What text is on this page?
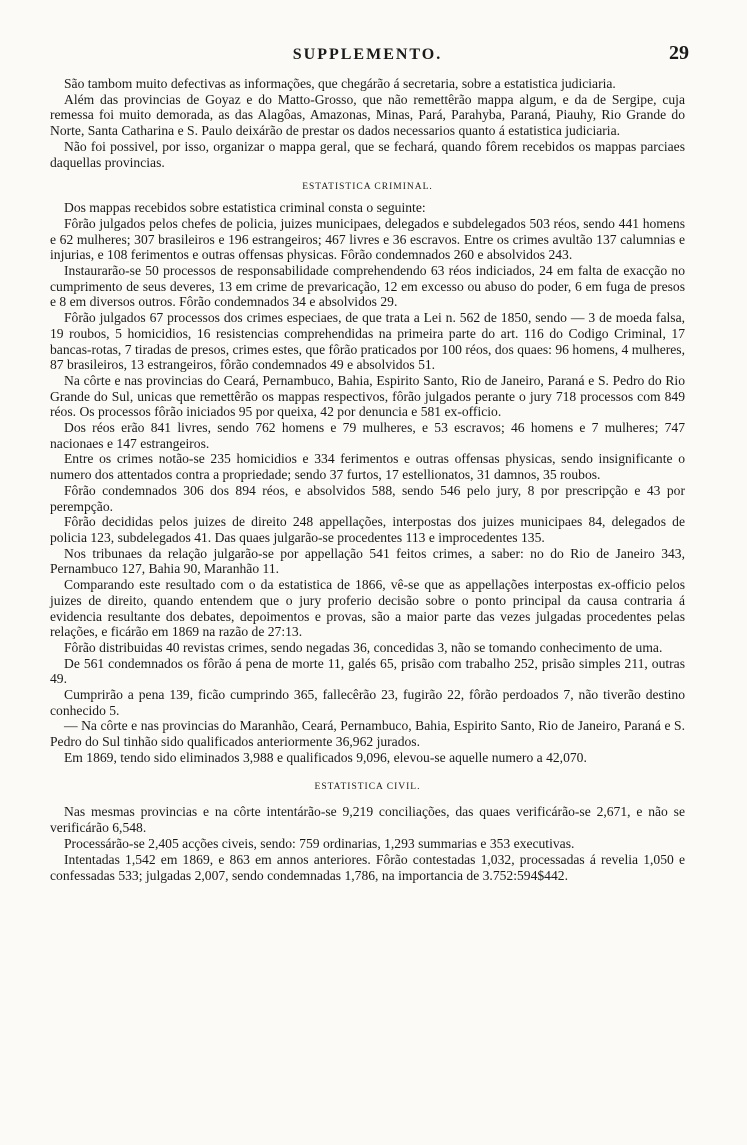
SUPPLEMENTO.	29

São tambom muito defectivas as informações, que chegárão á secretaria, sobre a estatistica judiciaria.

Além das provincias de Goyaz e do Matto-Grosso, que não remettêrão mappa algum, e da de Sergipe, cuja remessa foi muito demorada, as das Alagôas, Amazonas, Minas, Pará, Parahyba, Paraná, Piauhy, Rio Grande do Norte, Santa Catharina e S. Paulo deixárão de prestar os dados necessarios quanto á estatistica judiciaria.

Não foi possivel, por isso, organizar o mappa geral, que se fechará, quando fôrem recebidos os mappas parciaes daquellas provincias.

ESTATISTICA CRIMINAL.

Dos mappas recebidos sobre estatistica criminal consta o seguinte:

Fôrão julgados pelos chefes de policia, juizes municipaes, delegados e subdelegados 503 réos, sendo 441 homens e 62 mulheres; 307 brasileiros e 196 estrangeiros; 467 livres e 36 escravos. Entre os crimes avultão 137 calumnias e injurias, e 108 ferimentos e outras offensas physicas. Fôrão condemnados 260 e absolvidos 243.

Instaurarão-se 50 processos de responsabilidade comprehendendo 63 réos indiciados, 24 em falta de exacção no cumprimento de seus deveres, 13 em crime de prevaricação, 12 em excesso ou abuso do poder, 6 em fuga de presos e 8 em diversos outros. Fôrão condemnados 34 e absolvidos 29.

Fôrão julgados 67 processos dos crimes especiaes, de que trata a Lei n. 562 de 1850, sendo — 3 de moeda falsa, 19 roubos, 5 homicidios, 16 resistencias comprehendidas na primeira parte do art. 116 do Codigo Criminal, 17 bancas-rotas, 7 tiradas de presos, crimes estes, que fôrão praticados por 100 réos, dos quaes: 96 homens, 4 mulheres, 87 brasileiros, 13 estrangeiros, fôrão condemnados 49 e absolvidos 51.

Na côrte e nas provincias do Ceará, Pernambuco, Bahia, Espirito Santo, Rio de Janeiro, Paraná e S. Pedro do Rio Grande do Sul, unicas que remettêrão os mappas respectivos, fôrão julgados perante o jury 718 processos com 849 réos. Os processos fôrão iniciados 95 por queixa, 42 por denuncia e 581 ex-officio.

Dos réos erão 841 livres, sendo 762 homens e 79 mulheres, e 53 escravos; 46 homens e 7 mulheres; 747 nacionaes e 147 estrangeiros.

Entre os crimes notão-se 235 homicidios e 334 ferimentos e outras offensas physicas, sendo insignificante o numero dos attentados contra a propriedade; sendo 37 furtos, 17 estellionatos, 31 damnos, 35 roubos.

Fôrão condemnados 306 dos 894 réos, e absolvidos 588, sendo 546 pelo jury, 8 por prescripção e 43 por perempção.

Fôrão decididas pelos juizes de direito 248 appellações, interpostas dos juizes municipaes 84, delegados de policia 123, subdelegados 41. Das quaes julgarão-se procedentes 113 e improcedentes 135.

Nos tribunaes da relação julgarão-se por appellação 541 feitos crimes, a saber: no do Rio de Janeiro 343, Pernambuco 127, Bahia 90, Maranhão 11.

Comparando este resultado com o da estatistica de 1866, vê-se que as appellações interpostas ex-officio pelos juizes de direito, quando entendem que o jury proferio decisão sobre o ponto principal da causa contraria á evidencia resultante dos debates, depoimentos e provas, são a maior parte das vezes julgadas procedentes pelas relações, e ficárão em 1869 na razão de 27:13.

Fôrão distribuidas 40 revistas crimes, sendo negadas 36, concedidas 3, não se tomando conhecimento de uma.

De 561 condemnados os fôrão á pena de morte 11, galés 65, prisão com trabalho 252, prisão simples 211, outras 49.

Cumprirão a pena 139, ficão cumprindo 365, fallecêrão 23, fugirão 22, fôrão perdoados 7, não tiverão destino conhecido 5.

— Na côrte e nas provincias do Maranhão, Ceará, Pernambuco, Bahia, Espirito Santo, Rio de Janeiro, Paraná e S. Pedro do Sul tinhão sido qualificados anteriormente 36,962 jurados.

Em 1869, tendo sido eliminados 3,988 e qualificados 9,096, elevou-se aquelle numero a 42,070.

ESTATISTICA CIVIL.

Nas mesmas provincias e na côrte intentárão-se 9,219 conciliações, das quaes verificárão-se 2,671, e não se verificárão 6,548.

Processárão-se 2,405 acções civeis, sendo: 759 ordinarias, 1,293 summarias e 353 executivas.

Intentadas 1,542 em 1869, e 863 em annos anteriores. Fôrão contestadas 1,032, processadas á revelia 1,050 e confessadas 533; julgadas 2,007, sendo condemnadas 1,786, na importancia de 3.752:594$442.
